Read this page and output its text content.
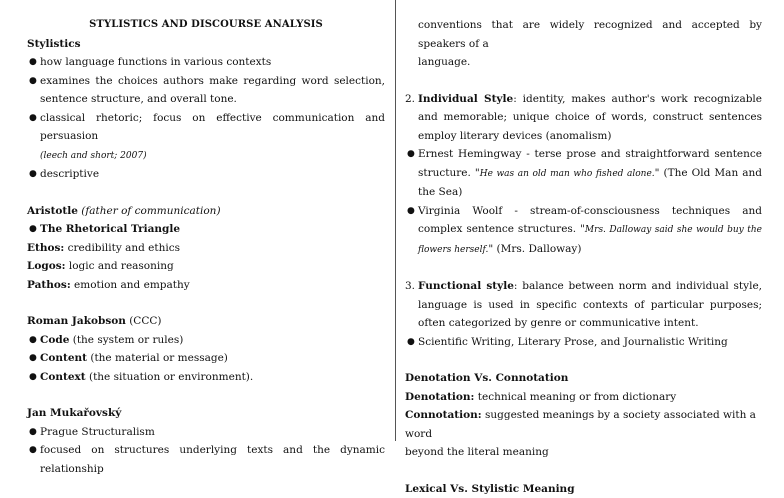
STYLISTICS AND DISCOURSE ANALYSIS

Stylistics

● how language functions in various contexts
● examines the choices authors make regarding word selection, sentence structure, and overall tone.
● classical rhetoric; focus on effective communication and persuasion
(leech and short; 2007)
● descriptive

Aristotle (father of communication)

● The Rhetorical Triangle

Ethos: credibility and ethics

Logos: logic and reasoning

Pathos: emotion and empathy

Roman Jakobson (CCC)

● Code (the system or rules)
● Content (the material or message)
● Context (the situation or environment).

Jan Mukařovský

● Prague Structuralism
● focused on structures underlying texts and the dynamic relationship

conventions that are widely recognized and accepted by speakers of a
language.

2. Individual Style: identity, makes author's work recognizable and memorable; unique choice of words, construct sentences employ literary devices (anomalism)
● Ernest Hemingway - terse prose and straightforward sentence structure. "He was an old man who fished alone." (The Old Man and the Sea)
● Virginia Woolf - stream-of-consciousness techniques and complex sentence structures. "Mrs. Dalloway said she would buy the flowers herself." (Mrs. Dalloway)
3. Functional style: balance between norm and individual style, language is used in specific contexts of particular purposes; often categorized by genre or communicative intent.
● Scientific Writing, Literary Prose, and Journalistic Writing

Denotation Vs. Connotation

Denotation: technical meaning or from dictionary

Connotation: suggested meanings by a society associated with a word
beyond the literal meaning

Lexical Vs. Stylistic Meaning
